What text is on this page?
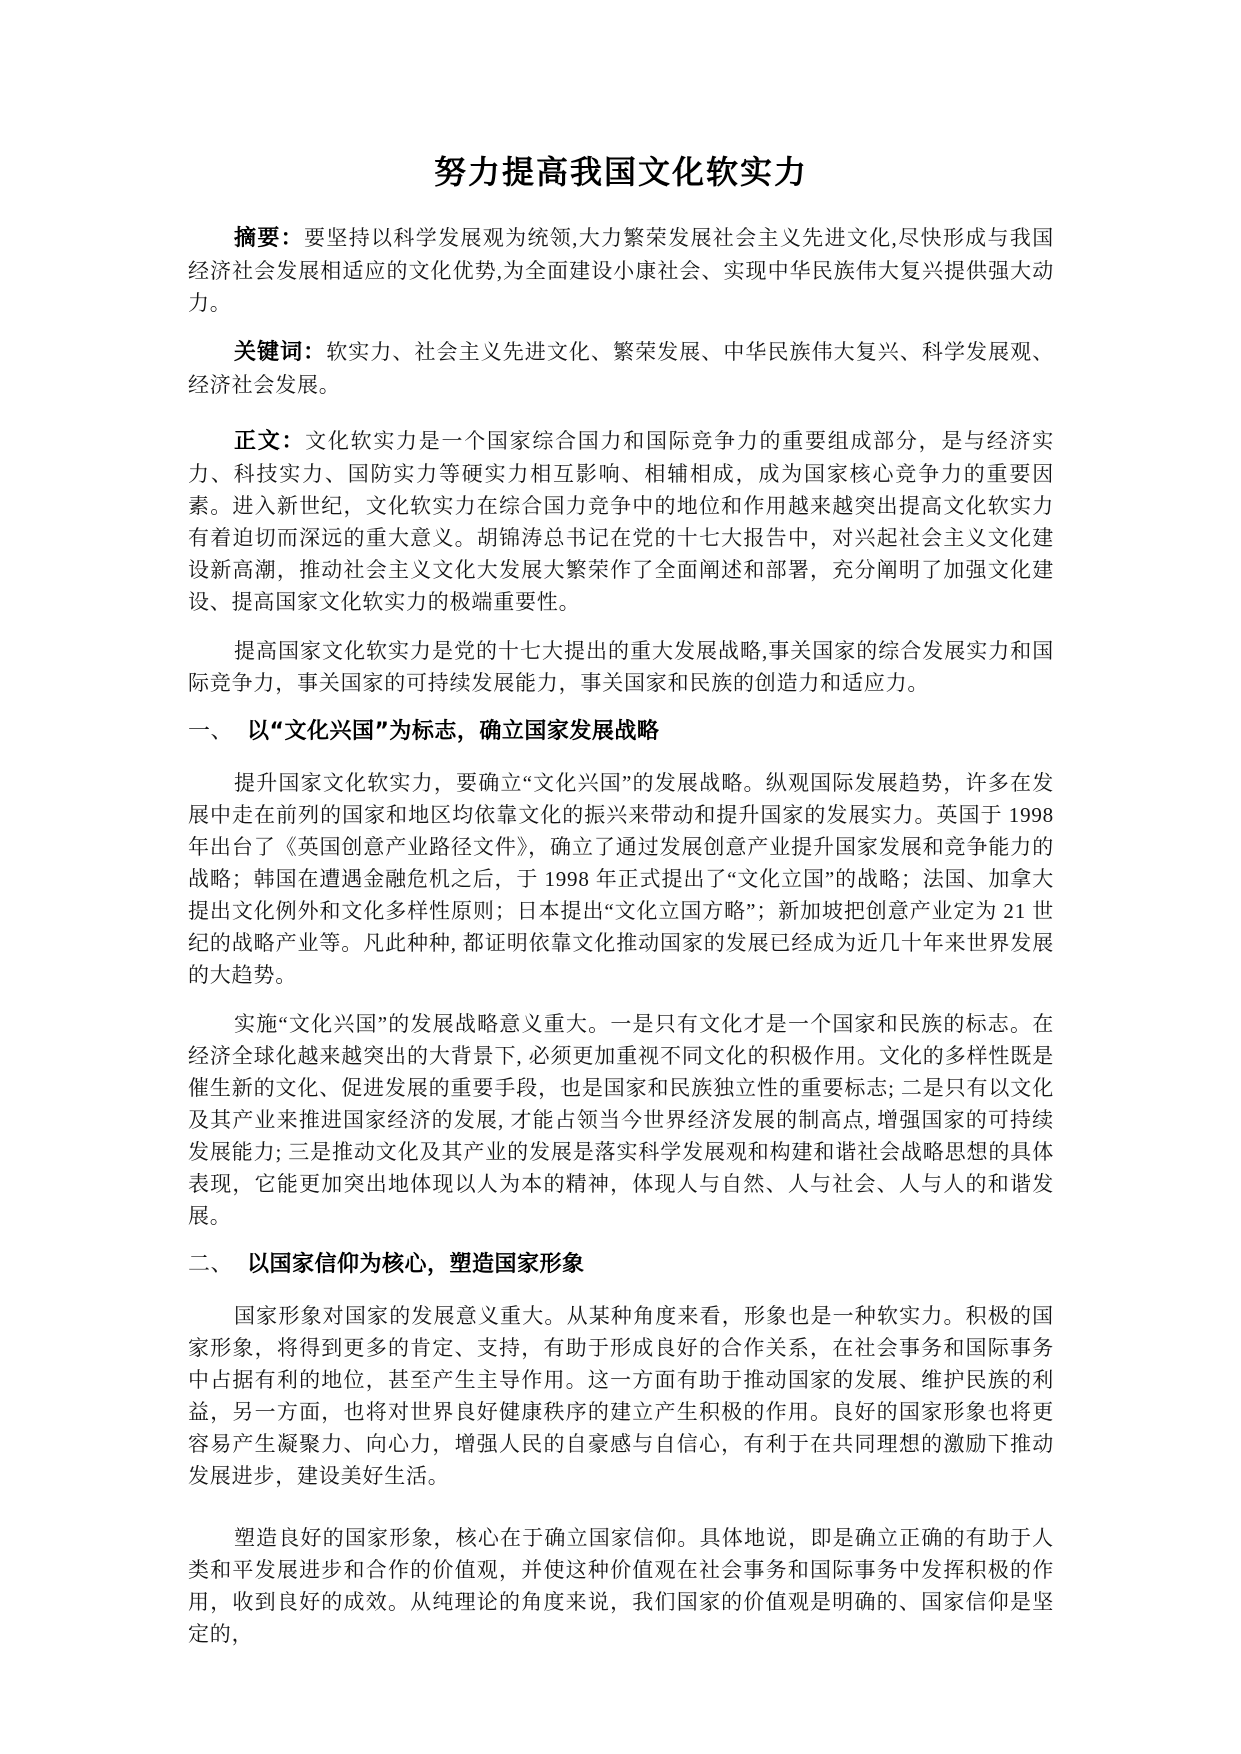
努力提高我国文化软实力

摘要：要坚持以科学发展观为统领,大力繁荣发展社会主义先进文化,尽快形成与我国经济社会发展相适应的文化优势,为全面建设小康社会、实现中华民族伟大复兴提供强大动力。

关键词：软实力、社会主义先进文化、繁荣发展、中华民族伟大复兴、科学发展观、经济社会发展。

正文：文化软实力是一个国家综合国力和国际竞争力的重要组成部分，是与经济实力、科技实力、国防实力等硬实力相互影响、相辅相成，成为国家核心竞争力的重要因素。进入新世纪，文化软实力在综合国力竞争中的地位和作用越来越突出提高文化软实力有着迫切而深远的重大意义。胡锦涛总书记在党的十七大报告中，对兴起社会主义文化建设新高潮，推动社会主义文化大发展大繁荣作了全面阐述和部署，充分阐明了加强文化建设、提高国家文化软实力的极端重要性。

提高国家文化软实力是党的十七大提出的重大发展战略,事关国家的综合发展实力和国际竞争力，事关国家的可持续发展能力，事关国家和民族的创造力和适应力。

一、 以“文化兴国”为标志，确立国家发展战略

提升国家文化软实力，要确立“文化兴国”的发展战略。纵观国际发展趋势，许多在发展中走在前列的国家和地区均依靠文化的振兴来带动和提升国家的发展实力。英国于 1998 年出台了《英国创意产业路径文件》，确立了通过发展创意产业提升国家发展和竞争能力的战略；韩国在遭遇金融危机之后，于 1998 年正式提出了“文化立国”的战略；法国、加拿大提出文化例外和文化多样性原则；日本提出“文化立国方略”；新加坡把创意产业定为 21 世纪的战略产业等。凡此种种, 都证明依靠文化推动国家的发展已经成为近几十年来世界发展的大趋势。

实施“文化兴国”的发展战略意义重大。一是只有文化才是一个国家和民族的标志。在经济全球化越来越突出的大背景下, 必须更加重视不同文化的积极作用。文化的多样性既是催生新的文化、促进发展的重要手段，也是国家和民族独立性的重要标志; 二是只有以文化及其产业来推进国家经济的发展, 才能占领当今世界经济发展的制高点, 增强国家的可持续发展能力; 三是推动文化及其产业的发展是落实科学发展观和构建和谐社会战略思想的具体表现，它能更加突出地体现以人为本的精神，体现人与自然、人与社会、人与人的和谐发展。

二、 以国家信仰为核心，塑造国家形象

国家形象对国家的发展意义重大。从某种角度来看，形象也是一种软实力。积极的国家形象，将得到更多的肯定、支持，有助于形成良好的合作关系，在社会事务和国际事务中占据有利的地位，甚至产生主导作用。这一方面有助于推动国家的发展、维护民族的利益，另一方面，也将对世界良好健康秩序的建立产生积极的作用。良好的国家形象也将更容易产生凝聚力、向心力，增强人民的自豪感与自信心，有利于在共同理想的激励下推动发展进步，建设美好生活。

塑造良好的国家形象，核心在于确立国家信仰。具体地说，即是确立正确的有助于人类和平发展进步和合作的价值观，并使这种价值观在社会事务和国际事务中发挥积极的作用，收到良好的成效。从纯理论的角度来说，我们国家的价值观是明确的、国家信仰是坚定的，
